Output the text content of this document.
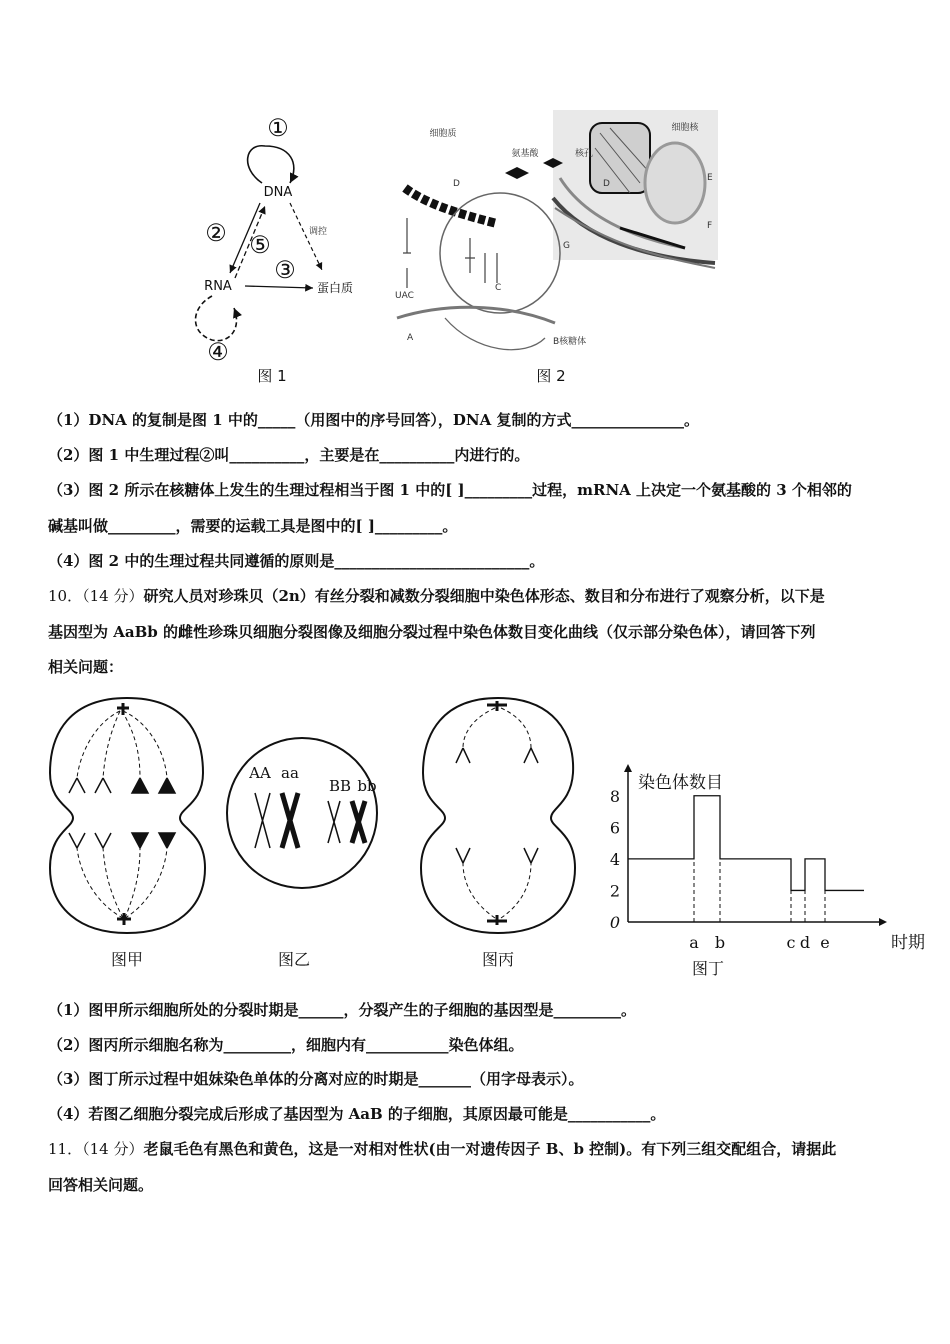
①
DNA
② ⑤
③
调控
RNA	蛋白质
④
图 1
细胞核
核孔
D
E
F
细胞质
氨基酸
D
G
C
UAC
A	B核糖体
图 2
（1）DNA 的复制是图 1 中的_____（用图中的序号回答），DNA 复制的方式_______________。
（2）图 1 中生理过程②叫__________，主要是在__________内进行的。
（3）图 2 所示在核糖体上发生的生理过程相当于图 1 中的[ ]_________过程，mRNA 上决定一个氨基酸的 3 个相邻的
碱基叫做_________，需要的运载工具是图中的[ ]_________。
（4）图 2 中的生理过程共同遵循的原则是__________________________。
10．（14 分）研究人员对珍珠贝（2n）有丝分裂和减数分裂细胞中染色体形态、数目和分布进行了观察分析，以下是
基因型为 AaBb 的雌性珍珠贝细胞分裂图像及细胞分裂过程中染色体数目变化曲线（仅示部分染色体），请回答下列
相关问题：
图甲
AA aa
BB bb
图乙	图丙
染色体数目
时期
0
2
4
6
8
a b	c d e
图丁
（1）图甲所示细胞所处的分裂时期是______，分裂产生的子细胞的基因型是_________。
（2）图丙所示细胞名称为_________，细胞内有___________染色体组。
（3）图丁所示过程中姐妹染色单体的分离对应的时期是_______（用字母表示）。
（4）若图乙细胞分裂完成后形成了基因型为 AaB 的子细胞，其原因最可能是___________。
11．（14 分）老鼠毛色有黑色和黄色，这是一对相对性状(由一对遗传因子 B、b 控制)。有下列三组交配组合，请据此
回答相关问题。
